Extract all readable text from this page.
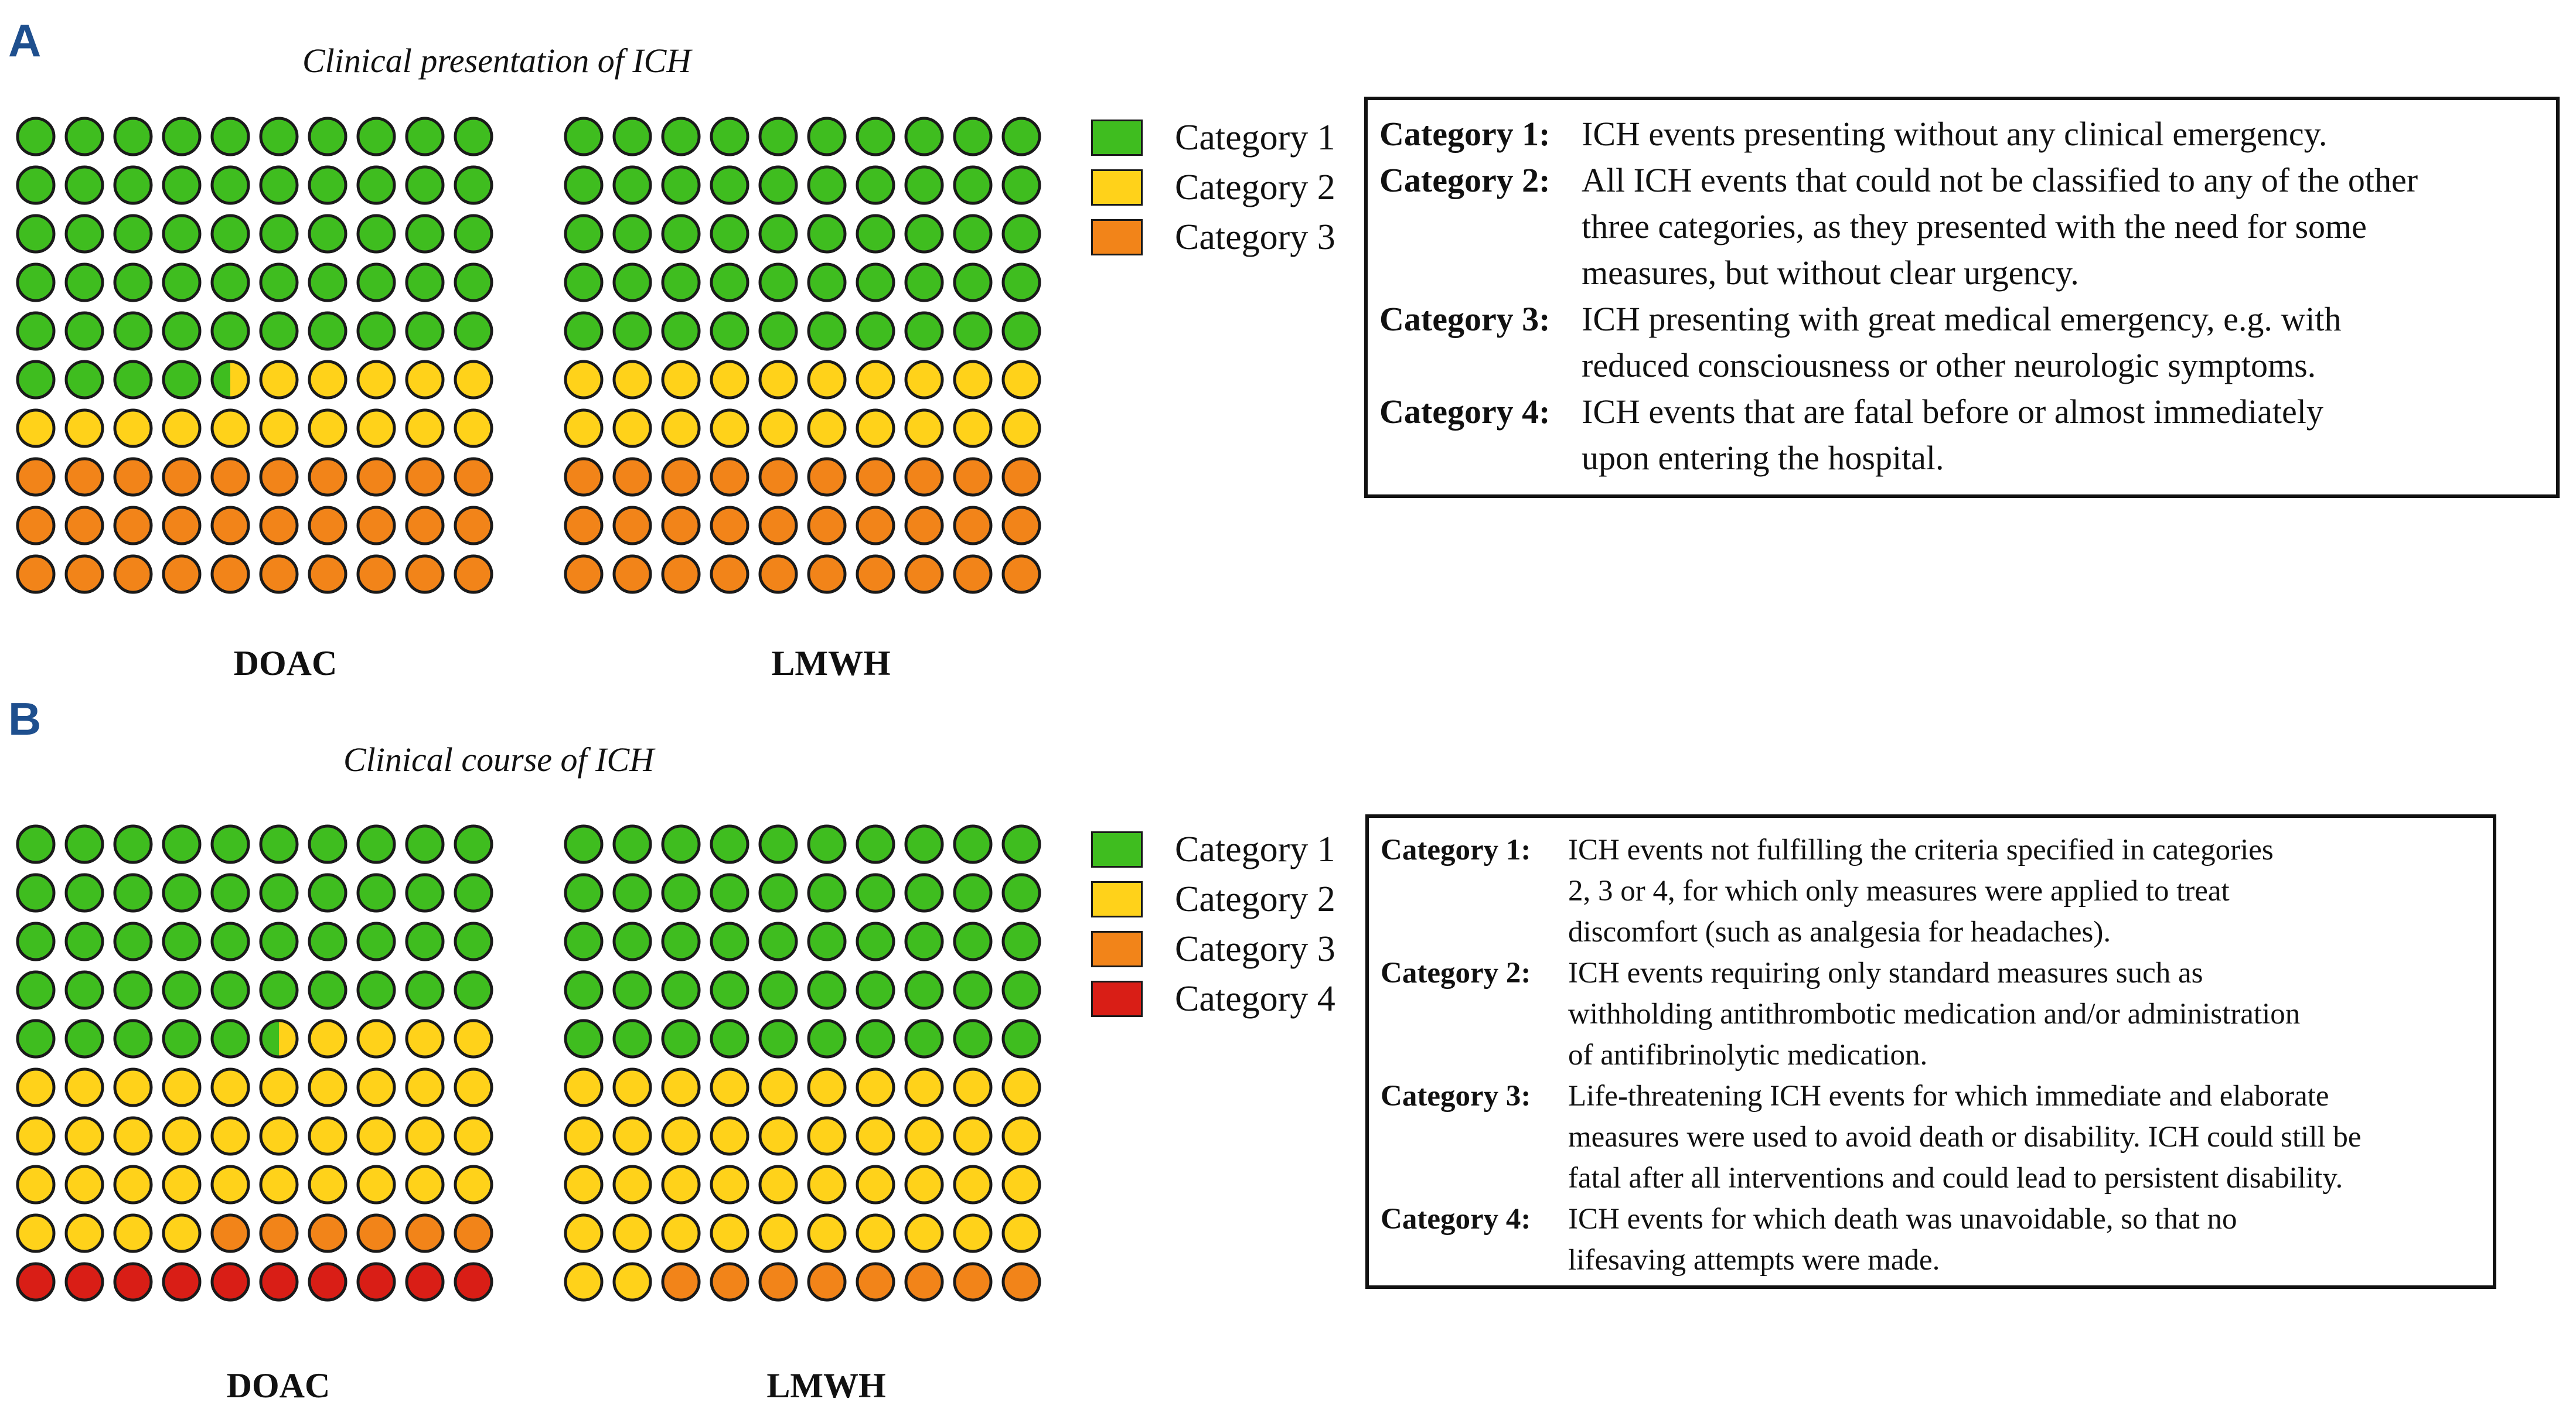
A	Clinical presentation of ICH
DOAC	LMWH
Category 1
Category 2
Category 3
Category 1: ICH events presenting without any clinical emergency.
Category 2: All ICH events that could not be classified to any of the other
three categories, as they presented with the need for some
measures, but without clear urgency.
Category 3: ICH presenting with great medical emergency, e.g. with
reduced consciousness or other neurologic symptoms.
Category 4: ICH events that are fatal before or almost immediately
upon entering the hospital.
B
Clinical course of ICH
DOAC	LMWH
Category 1
Category 2
Category 3
Category 4
Category 1:	ICH events not fulfilling the criteria specified in categories
2, 3 or 4, for which only measures were applied to treat
discomfort (such as analgesia for headaches).
Category 2:	ICH events requiring only standard measures such as
withholding antithrombotic medication and/or administration
of antifibrinolytic medication.
Category 3:	Life-threatening ICH events for which immediate and elaborate
measures were used to avoid death or disability. ICH could still be
fatal after all interventions and could lead to persistent disability.
Category 4:	ICH events for which death was unavoidable, so that no
lifesaving attempts were made.
